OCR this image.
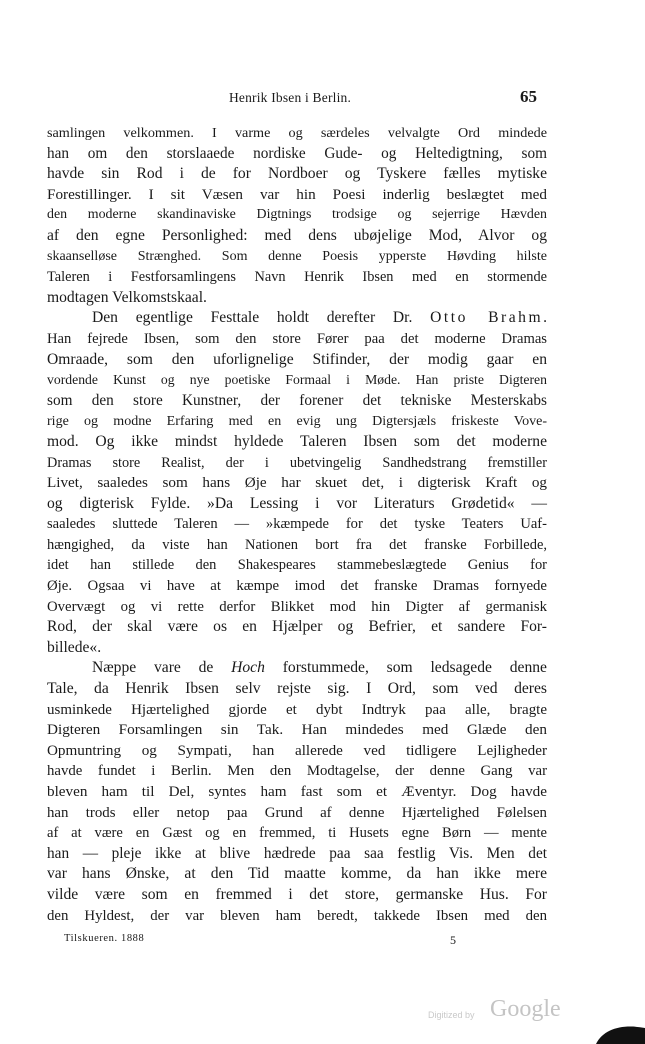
Henrik Ibsen i Berlin.	65
samlingen velkommen. I varme og særdeles velvalgte Ord mindede
han om den storslaaede nordiske Gude- og Heltedigtning, som
havde sin Rod i de for Nordboer og Tyskere fælles mytiske
Forestillinger. I sit Væsen var hin Poesi inderlig beslægtet med
den moderne skandinaviske Digtnings trodsige og sejerrige Hævden
af den egne Personlighed: med dens ubøjelige Mod, Alvor og
skaanselløse Strænghed. Som denne Poesis ypperste Høvding hilste
Taleren i Festforsamlingens Navn Henrik Ibsen med en stormende
modtagen Velkomstskaal.
Den egentlige Festtale holdt derefter Dr. Otto Brahm.
Han fejrede Ibsen, som den store Fører paa det moderne Dramas
Omraade, som den uforlignelige Stifinder, der modig gaar en
vordende Kunst og nye poetiske Formaal i Møde. Han priste Digteren
som den store Kunstner, der forener det tekniske Mesterskabs
rige og modne Erfaring med en evig ung Digtersjæls friskeste Vove-
mod. Og ikke mindst hyldede Taleren Ibsen som det moderne
Dramas store Realist, der i ubetvingelig Sandhedstrang fremstiller
Livet, saaledes som hans Øje har skuet det, i digterisk Kraft og
og digterisk Fylde. »Da Lessing i vor Literaturs Grødetid« —
saaledes sluttede Taleren — »kæmpede for det tyske Teaters Uaf-
hængighed, da viste han Nationen bort fra det franske Forbillede,
idet han stillede den Shakespeares stammebeslægtede Genius for
Øje. Ogsaa vi have at kæmpe imod det franske Dramas fornyede
Overvægt og vi rette derfor Blikket mod hin Digter af germanisk
Rod, der skal være os en Hjælper og Befrier, et sandere For-
billede«.
Næppe vare de Hoch forstummede, som ledsagede denne
Tale, da Henrik Ibsen selv rejste sig. I Ord, som ved deres
usminkede Hjærtelighed gjorde et dybt Indtryk paa alle, bragte
Digteren Forsamlingen sin Tak. Han mindedes med Glæde den
Opmuntring og Sympati, han allerede ved tidligere Lejligheder
havde fundet i Berlin. Men den Modtagelse, der denne Gang var
bleven ham til Del, syntes ham fast som et Æventyr. Dog havde
han trods eller netop paa Grund af denne Hjærtelighed Følelsen
af at være en Gæst og en fremmed, ti Husets egne Børn — mente
han — pleje ikke at blive hædrede paa saa festlig Vis. Men det
var hans Ønske, at den Tid maatte komme, da han ikke mere
vilde være som en fremmed i det store, germanske Hus. For
den Hyldest, der var bleven ham beredt, takkede Ibsen med den
Tilskueren. 1888	5
Digitized by Google
